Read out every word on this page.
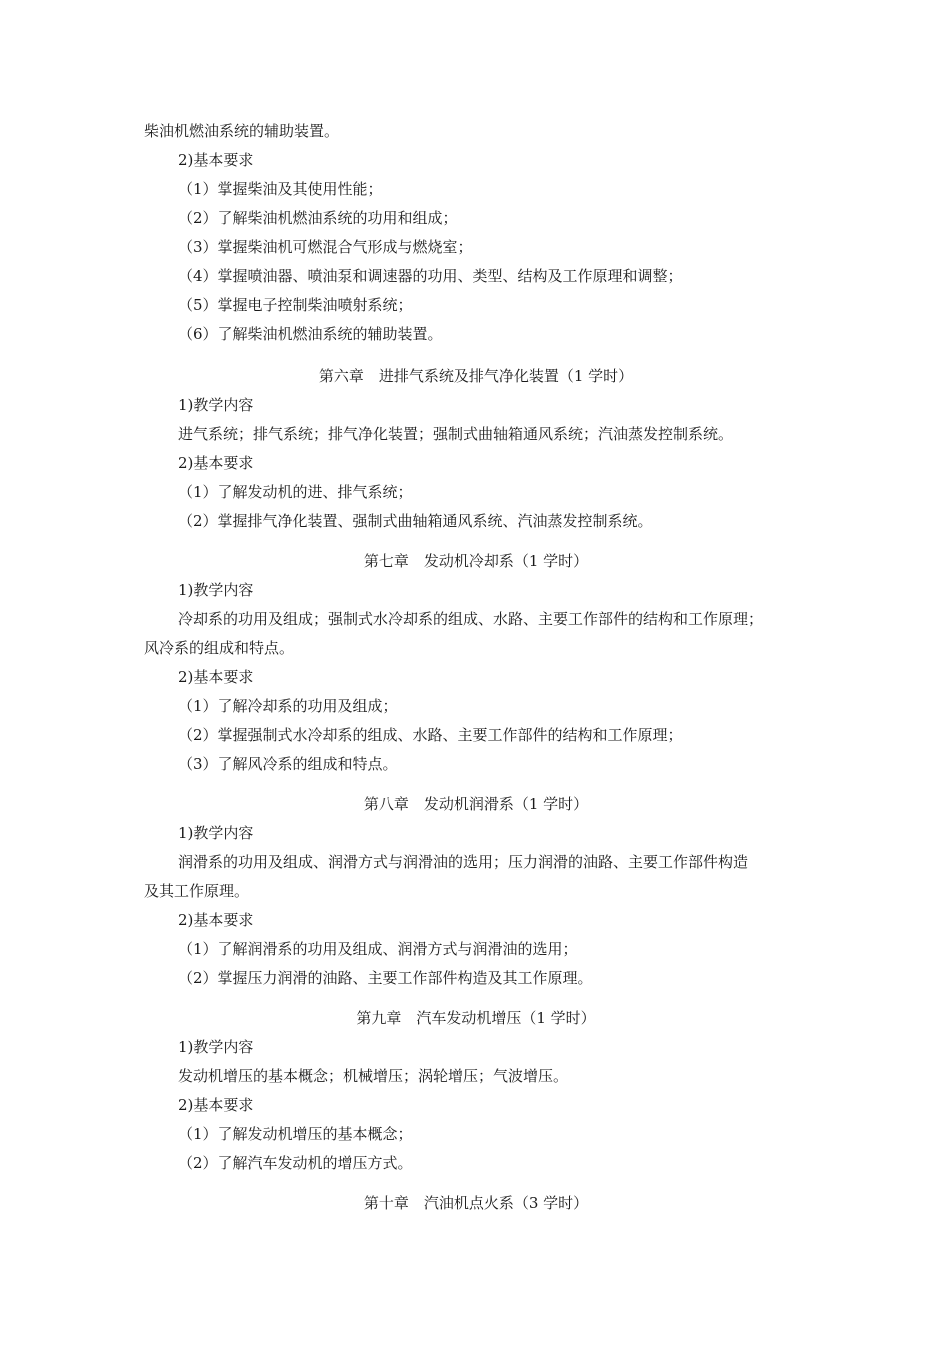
柴油机燃油系统的辅助装置。
2)基本要求
（1）掌握柴油及其使用性能；
（2）了解柴油机燃油系统的功用和组成；
（3）掌握柴油机可燃混合气形成与燃烧室；
（4）掌握喷油器、喷油泵和调速器的功用、类型、结构及工作原理和调整；
（5）掌握电子控制柴油喷射系统；
（6）了解柴油机燃油系统的辅助装置。
第六章　进排气系统及排气净化装置（1 学时）
1)教学内容
进气系统；排气系统；排气净化装置；强制式曲轴箱通风系统；汽油蒸发控制系统。
2)基本要求
（1）了解发动机的进、排气系统；
（2）掌握排气净化装置、强制式曲轴箱通风系统、汽油蒸发控制系统。
第七章　发动机冷却系（1 学时）
1)教学内容
冷却系的功用及组成；强制式水冷却系的组成、水路、主要工作部件的结构和工作原理；
风冷系的组成和特点。
2)基本要求
（1）了解冷却系的功用及组成；
（2）掌握强制式水冷却系的组成、水路、主要工作部件的结构和工作原理；
（3）了解风冷系的组成和特点。
第八章　发动机润滑系（1 学时）
1)教学内容
润滑系的功用及组成、润滑方式与润滑油的选用；压力润滑的油路、主要工作部件构造
及其工作原理。
2)基本要求
（1）了解润滑系的功用及组成、润滑方式与润滑油的选用；
（2）掌握压力润滑的油路、主要工作部件构造及其工作原理。
第九章　汽车发动机增压（1 学时）
1)教学内容
发动机增压的基本概念；机械增压；涡轮增压；气波增压。
2)基本要求
（1）了解发动机增压的基本概念；
（2）了解汽车发动机的增压方式。
第十章　汽油机点火系（3 学时）
